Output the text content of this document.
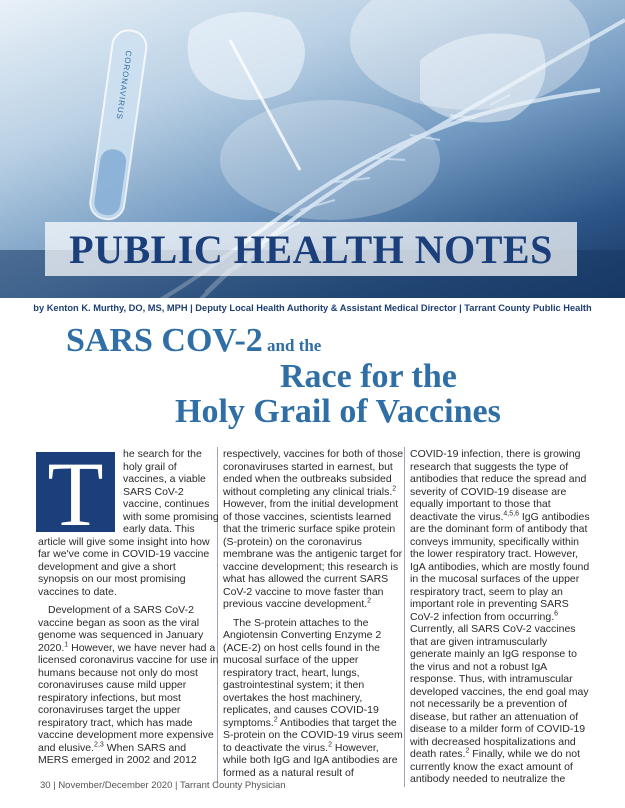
CORONAVIRUS
PUBLIC HEALTH NOTES
by Kenton K. Murthy, DO, MS, MPH | Deputy Local Health Authority & Assistant Medical Director | Tarrant County Public Health
SARS COV-2 and the
Race for the
Holy Grail of Vaccines
T	he search for the holy grail of vaccines, a viable SARS CoV-2 vaccine, continues with some promising early data. This article will give some insight into how far we've come in COVID-19 vaccine development and give a short synopsis on our most promising vaccines to date.

Development of a SARS CoV-2 vaccine began as soon as the viral genome was sequenced in January 2020.$^1$ However, we have never had a licensed coronavirus vaccine for use in humans because not only do most coronaviruses cause mild upper respiratory infections, but most coronaviruses target the upper respiratory tract, which has made vaccine development more expensive and elusive.$^{2,3}$ When SARS and MERS emerged in 2002 and 2012

respectively, vaccines for both of those coronaviruses started in earnest, but ended when the outbreaks subsided without completing any clinical trials.$^2$ However, from the initial development of those vaccines, scientists learned that the trimeric surface spike protein (S-protein) on the coronavirus membrane was the antigenic target for vaccine development; this research is what has allowed the current SARS CoV-2 vaccine to move faster than previous vaccine development.$^2$

The S-protein attaches to the Angiotensin Converting Enzyme 2 (ACE-2) on host cells found in the mucosal surface of the upper respiratory tract, heart, lungs, gastrointestinal system; it then overtakes the host machinery, replicates, and causes COVID-19 symptoms.$^2$ Antibodies that target the S-protein on the COVID-19 virus seem to deactivate the virus.$^2$ However, while both IgG and IgA antibodies are formed as a natural result of

COVID-19 infection, there is growing research that suggests the type of antibodies that reduce the spread and severity of COVID-19 disease are equally important to those that deactivate the virus.$^{4,5,6}$ IgG antibodies are the dominant form of antibody that conveys immunity, specifically within the lower respiratory tract. However, IgA antibodies, which are mostly found in the mucosal surfaces of the upper respiratory tract, seem to play an important role in preventing SARS CoV-2 infection from occurring.$^6$ Currently, all SARS CoV-2 vaccines that are given intramuscularly generate mainly an IgG response to the virus and not a robust IgA response. Thus, with intramuscular developed vaccines, the end goal may not necessarily be a prevention of disease, but rather an attenuation of disease to a milder form of COVID-19 with decreased hospitalizations and death rates.$^2$ Finally, while we do not currently know the exact amount of antibody needed to neutralize the

30 | November/December 2020 | Tarrant County Physician
